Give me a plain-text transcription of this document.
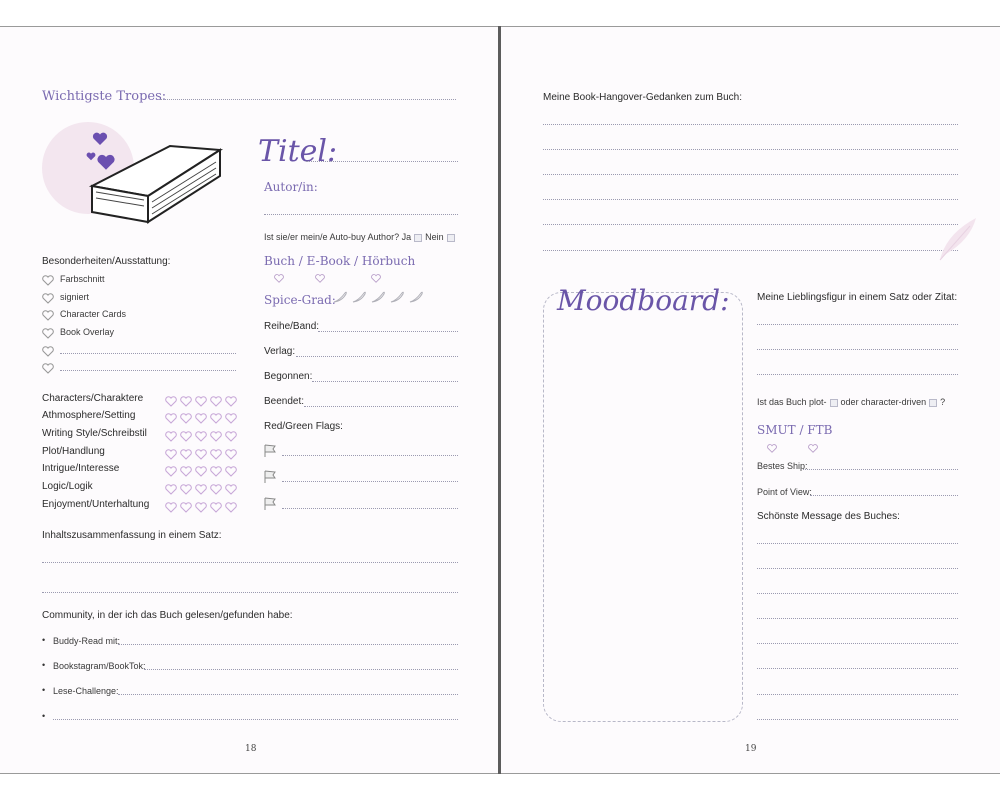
Wichtigste Tropes:
Titel:
Autor/in:
Ist sie/er mein/e Auto-buy Author? Ja Nein
Buch / E-Book / Hörbuch
Spice-Grad:
Reihe/Band:
Verlag:
Begonnen:
Beendet:
Red/Green Flags:
Besonderheiten/Ausstattung:
Farbschnitt
signiert
Character Cards
Book Overlay
Characters/Charaktere
Athmosphere/Setting
Writing Style/Schreibstil
Plot/Handlung
Intrigue/Interesse
Logic/Logik
Enjoyment/Unterhaltung
Inhaltszusammenfassung in einem Satz:
Community, in der ich das Buch gelesen/gefunden habe:
• Buddy-Read mit:
• Bookstagram/BookTok:
• Lese-Challenge:
•
18
Meine Book-Hangover-Gedanken zum Buch:
Moodboard:	Meine Lieblingsfigur in einem Satz oder Zitat:
Ist das Buch plot- oder character-driven ?
SMUT / FTB
Bestes Ship:
Point of View:
Schönste Message des Buches:
19
